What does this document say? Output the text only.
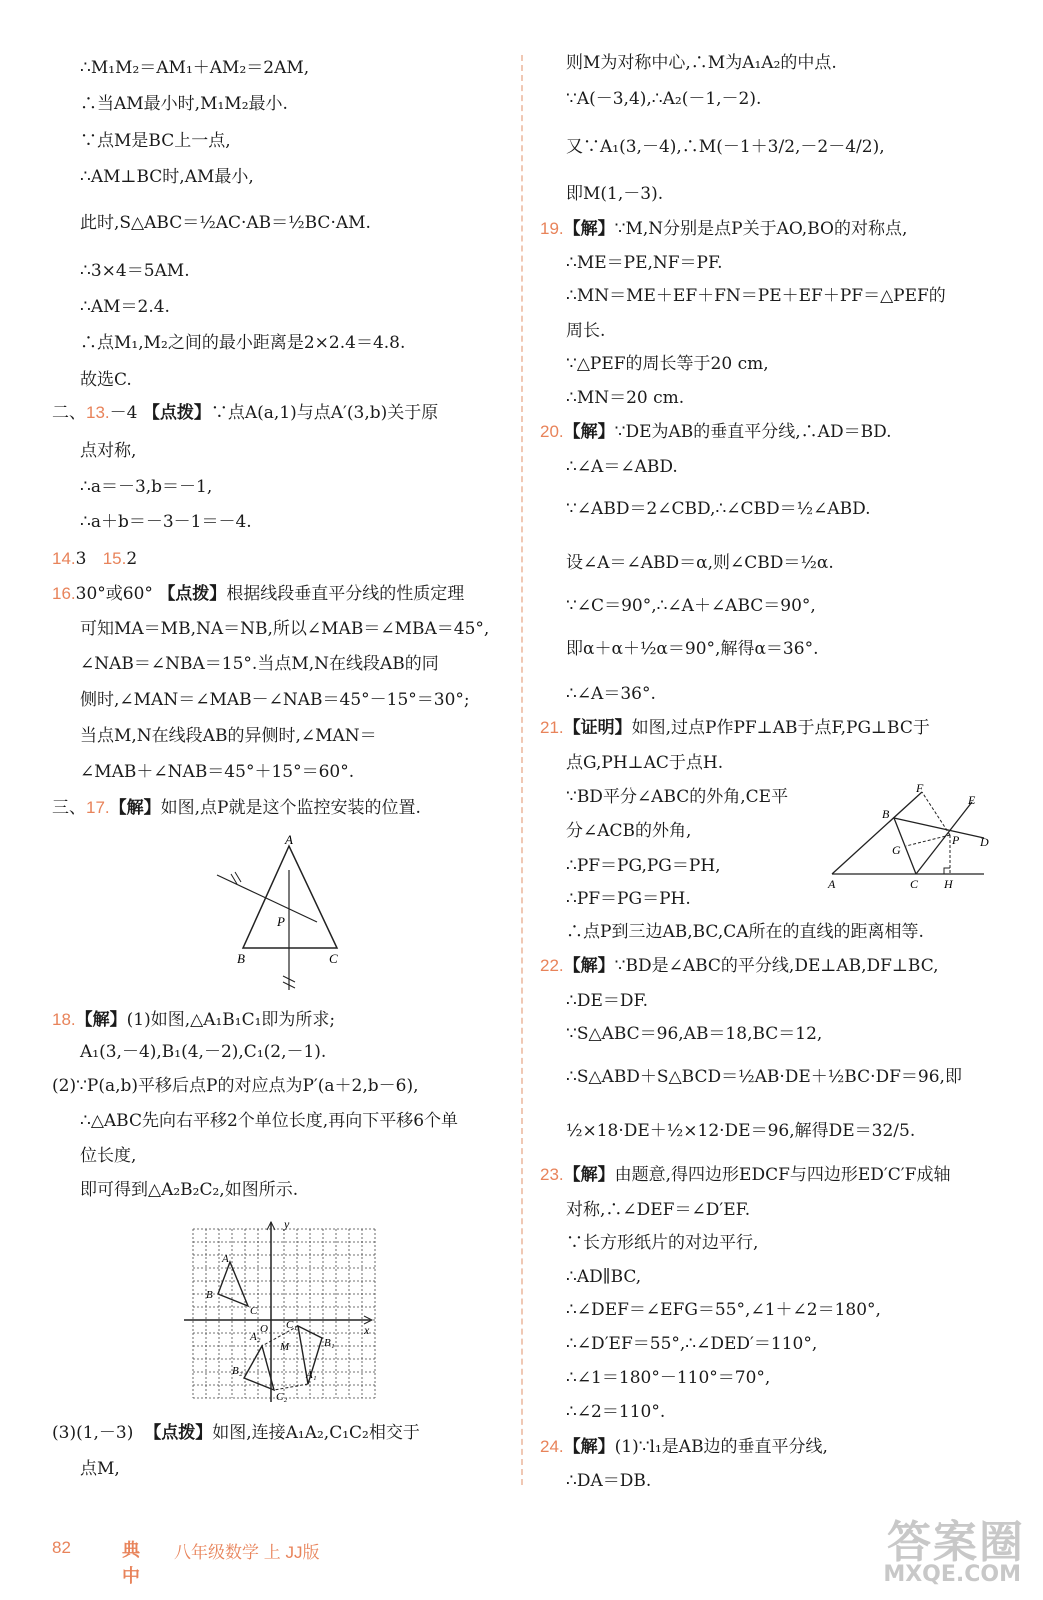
∴M₁M₂＝AM₁＋AM₂＝2AM,
∴当AM最小时,M₁M₂最小.
∵点M是BC上一点,
∴AM⊥BC时,AM最小,
此时,S△ABC＝½AC·AB＝½BC·AM.
∴3×4＝5AM.
∴AM＝2.4.
∴点M₁,M₂之间的最小距离是2×2.4＝4.8.
故选C.
二、13.－4 【点拨】∵点A(a,1)与点A′(3,b)关于原
点对称,
∴a＝－3,b＝－1,
∴a＋b＝－3－1＝－4.
14.3 15.2
16.30°或60° 【点拨】根据线段垂直平分线的性质定理
可知MA＝MB,NA＝NB,所以∠MAB＝∠MBA＝45°,
∠NAB＝∠NBA＝15°.当点M,N在线段AB的同
侧时,∠MAN＝∠MAB－∠NAB＝45°－15°＝30°;
当点M,N在线段AB的异侧时,∠MAN＝
∠MAB＋∠NAB＝45°＋15°＝60°.
三、17.【解】如图,点P就是这个监控安装的位置.
A
B	C
P
18.【解】(1)如图,△A₁B₁C₁即为所求;
A₁(3,－4),B₁(4,－2),C₁(2,－1).
(2)∵P(a,b)平移后点P的对应点为P′(a＋2,b－6),
∴△ABC先向右平移2个单位长度,再向下平移6个单
位长度,
即可得到△A₂B₂C₂,如图所示.
y
x
O
A
B
C
A₁
B₁
C₁
A₂
B₂
C₂
M
(3)(1,－3) 【点拨】如图,连接A₁A₂,C₁C₂相交于
点M,
则M为对称中心,∴M为A₁A₂的中点.
∵A(－3,4),∴A₂(－1,－2).
又∵A₁(3,－4),∴M(－1＋3/2,－2－4/2),
即M(1,－3).
19.【解】∵M,N分别是点P关于AO,BO的对称点,
∴ME＝PE,NF＝PF.
∴MN＝ME＋EF＋FN＝PE＋EF＋PF＝△PEF的
周长.
∵△PEF的周长等于20 cm,
∴MN＝20 cm.
20.【解】∵DE为AB的垂直平分线,∴AD＝BD.
∴∠A＝∠ABD.
∵∠ABD＝2∠CBD,∴∠CBD＝½∠ABD.
设∠A＝∠ABD＝α,则∠CBD＝½α.
∵∠C＝90°,∴∠A＋∠ABC＝90°,
即α＋α＋½α＝90°,解得α＝36°.
∴∠A＝36°.
21.【证明】如图,过点P作PF⊥AB于点F,PG⊥BC于
点G,PH⊥AC于点H.
∵BD平分∠ABC的外角,CE平
分∠ACB的外角,
∴PF＝PG,PG＝PH,
∴PF＝PG＝PH.
F
E
B
D
G
P
A	C H
∴点P到三边AB,BC,CA所在的直线的距离相等.
22.【解】∵BD是∠ABC的平分线,DE⊥AB,DF⊥BC,
∴DE＝DF.
∵S△ABC＝96,AB＝18,BC＝12,
∴S△ABD＋S△BCD＝½AB·DE＋½BC·DF＝96,即
½×18·DE＋½×12·DE＝96,解得DE＝32/5.
23.【解】由题意,得四边形EDCF与四边形ED′C′F成轴
对称,∴∠DEF＝∠D′EF.
∵长方形纸片的对边平行,
∴AD∥BC,
∴∠DEF＝∠EFG＝55°,∠1＋∠2＝180°,
∴∠D′EF＝55°,∴∠DED′＝110°,
∴∠1＝180°－110°＝70°,
∴∠2＝110°.
24.【解】(1)∵l₁是AB边的垂直平分线,
∴DA＝DB.
82	典中
八年级数学 上 JJ版	答案圈
MXQE.COM
